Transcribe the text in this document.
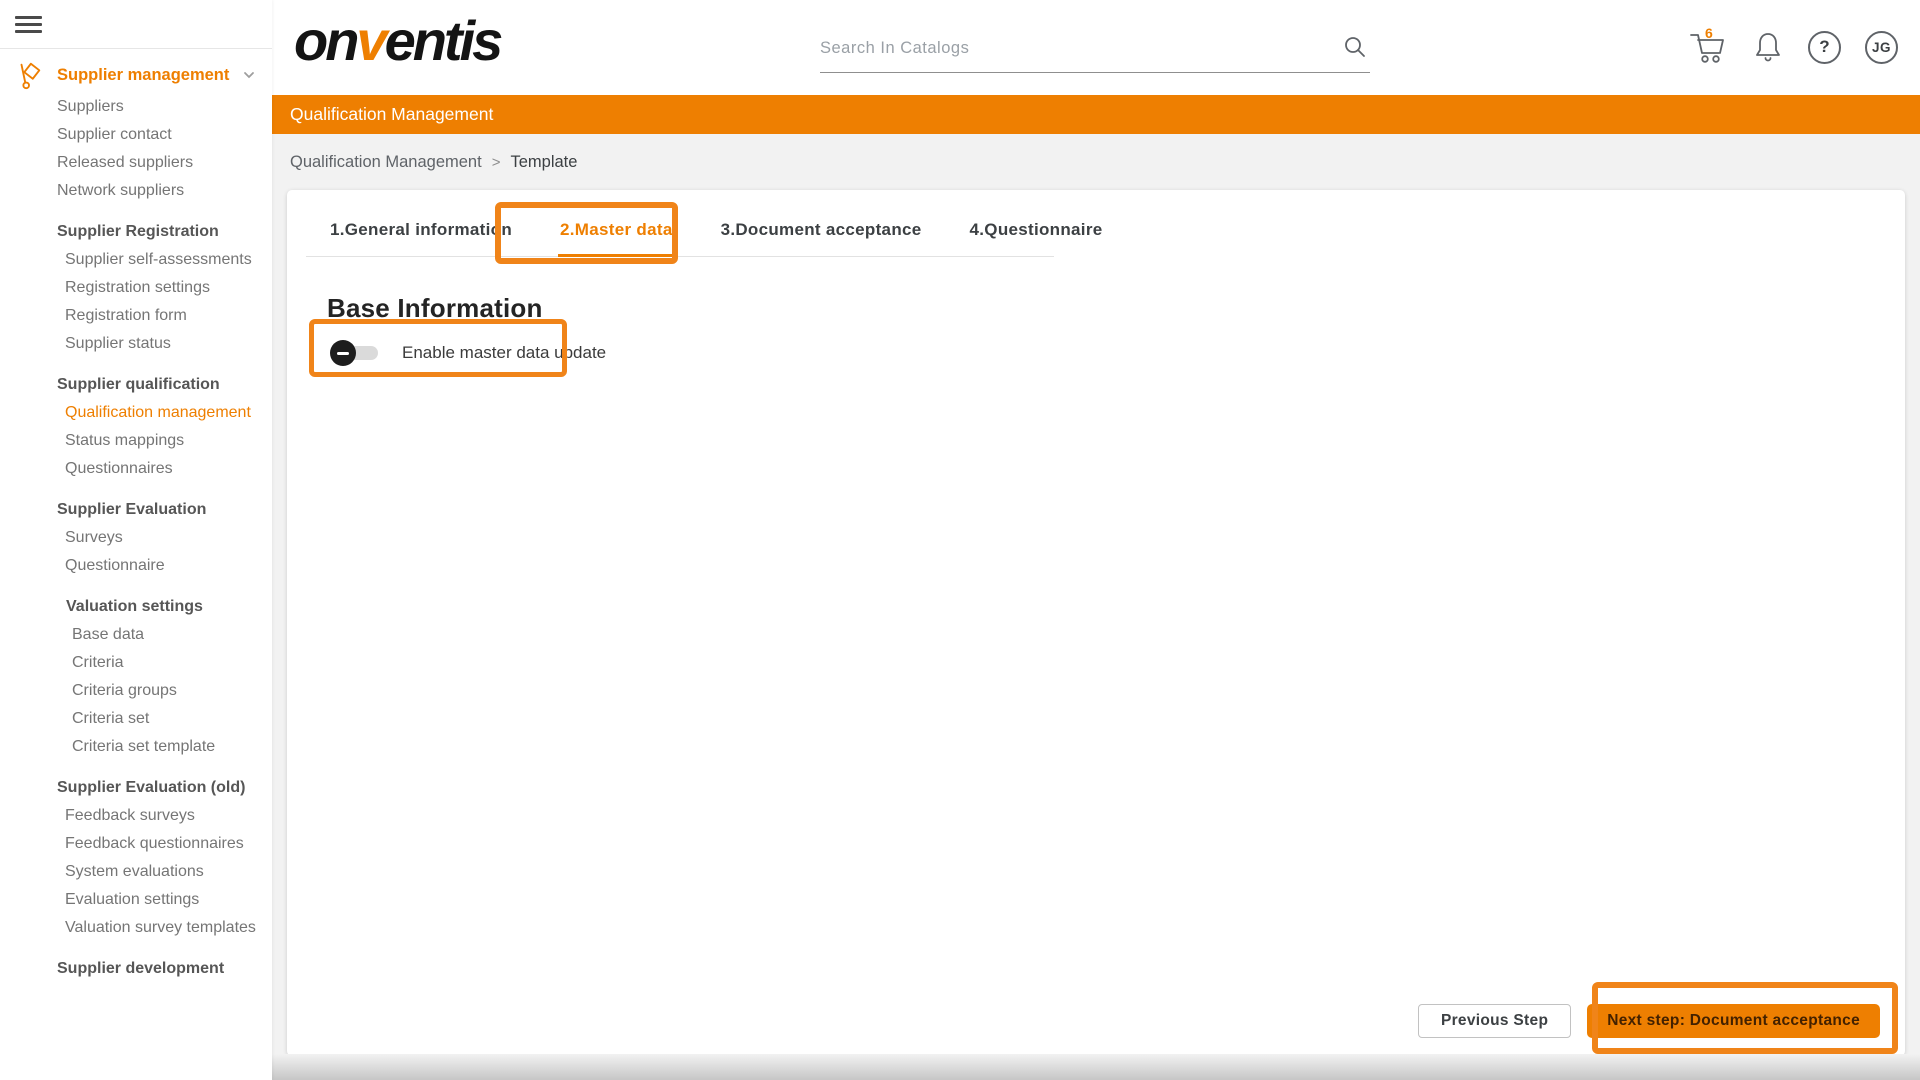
Supplier management
Suppliers
Supplier contact
Released suppliers
Network suppliers
Supplier Registration
Supplier self-assessments
Registration settings
Registration form
Supplier status
Supplier qualification
Qualification management
Status mappings
Questionnaires
Supplier Evaluation
Surveys
Questionnaire
Valuation settings
Base data
Criteria
Criteria groups
Criteria set
Criteria set template
Supplier Evaluation (old)
Feedback surveys
Feedback questionnaires
System evaluations
Evaluation settings
Valuation survey templates
Supplier development
onventis
Search In Catalogs	6
?	JG
Qualification Management
Qualification Management > Template
1.General information	2.Master data	3.Document acceptance	4.Questionnaire
Base Information
Enable master data update
Previous Step	Next step: Document acceptance
